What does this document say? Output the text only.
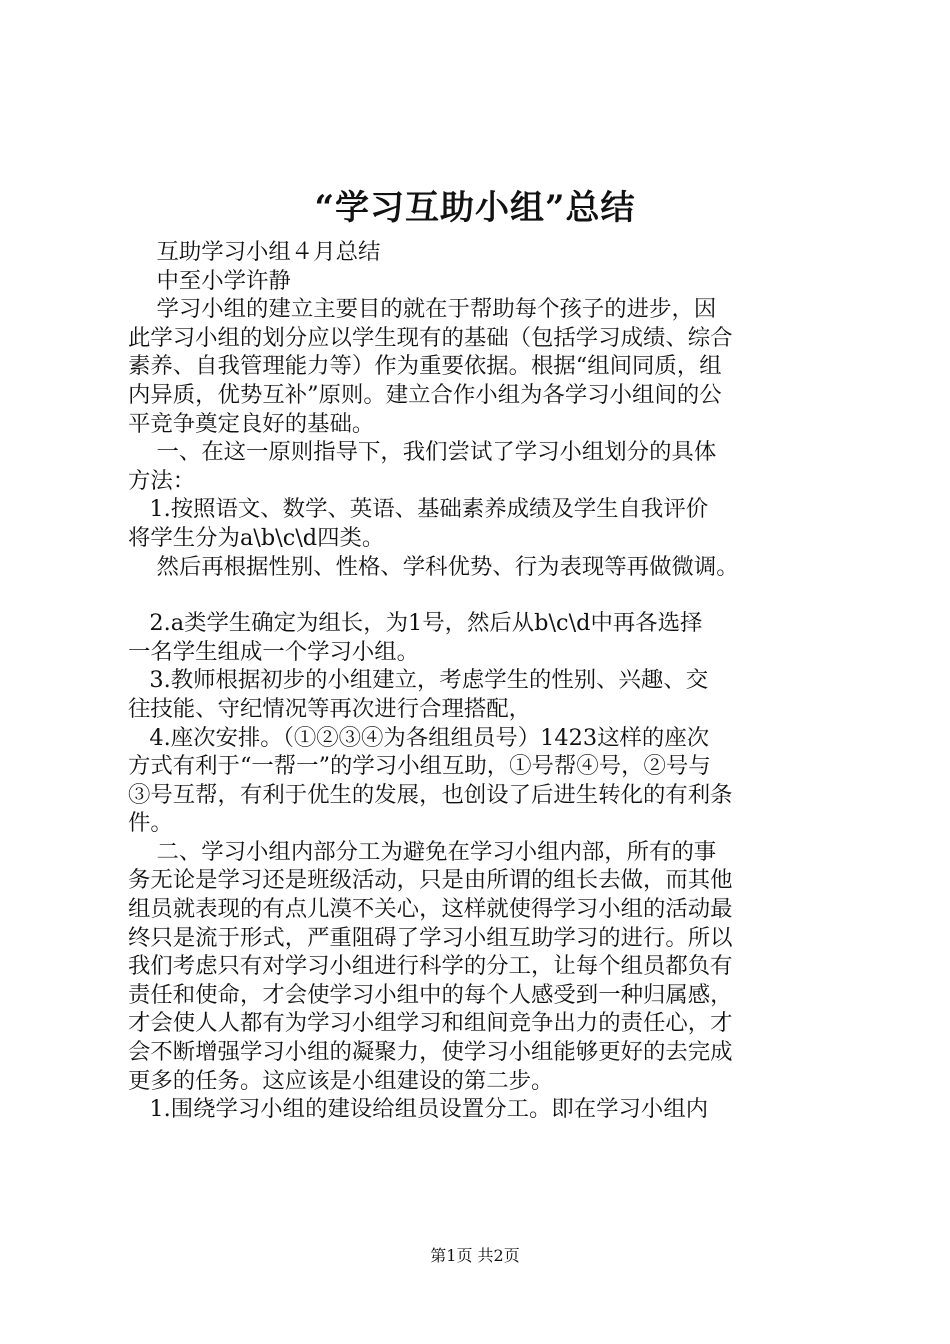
“学习互助小组”总结
互助学习小组４月总结
中至小学许静
学习小组的建立主要目的就在于帮助每个孩子的进步，因
此学习小组的划分应以学生现有的基础（包括学习成绩、综合
素养、自我管理能力等）作为重要依据。根据“组间同质，组
内异质，优势互补”原则。建立合作小组为各学习小组间的公
平竞争奠定良好的基础。
一、在这一原则指导下，我们尝试了学习小组划分的具体
方法：
1.按照语文、数学、英语、基础素养成绩及学生自我评价
将学生分为a\b\c\d四类。
然后再根据性别、性格、学科优势、行为表现等再做微调。
2.a类学生确定为组长，为1号，然后从b\c\d中再各选择
一名学生组成一个学习小组。
3.教师根据初步的小组建立，考虑学生的性别、兴趣、交
往技能、守纪情况等再次进行合理搭配，
4.座次安排。（①②③④为各组组员号）1423这样的座次
方式有利于“一帮一”的学习小组互助，①号帮④号，②号与
③号互帮，有利于优生的发展，也创设了后进生转化的有利条
件。
二、学习小组内部分工为避免在学习小组内部，所有的事
务无论是学习还是班级活动，只是由所谓的组长去做，而其他
组员就表现的有点儿漠不关心，这样就使得学习小组的活动最
终只是流于形式，严重阻碍了学习小组互助学习的进行。所以
我们考虑只有对学习小组进行科学的分工，让每个组员都负有
责任和使命，才会使学习小组中的每个人感受到一种归属感，
才会使人人都有为学习小组学习和组间竞争出力的责任心，才
会不断增强学习小组的凝聚力，使学习小组能够更好的去完成
更多的任务。这应该是小组建设的第二步。
1.围绕学习小组的建设给组员设置分工。即在学习小组内
第1页 共2页
